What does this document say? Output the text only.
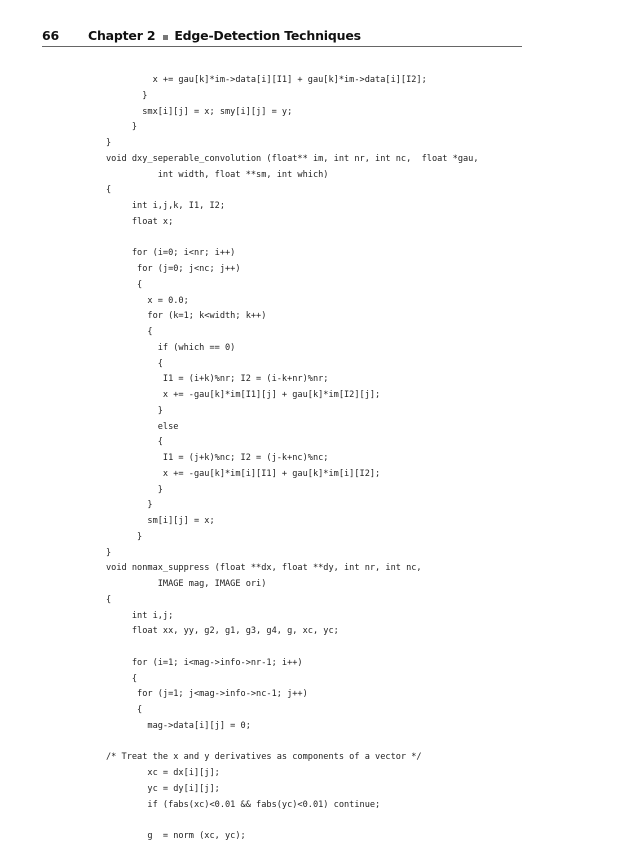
66	Chapter 2 Edge-Detection Techniques
x += gau[k]*im->data[i][I1] + gau[k]*im->data[i][I2];
}
smx[i][j] = x; smy[i][j] = y;
}
}
void dxy_seperable_convolution (float** im, int nr, int nc,  float *gau,
int width, float **sm, int which)
{
int i,j,k, I1, I2;
float x;
for (i=0; i<nr; i++)
for (j=0; j<nc; j++)
{
x = 0.0;
for (k=1; k<width; k++)
{
if (which == 0)
{
I1 = (i+k)%nr; I2 = (i-k+nr)%nr;
x += -gau[k]*im[I1][j] + gau[k]*im[I2][j];
}
else
{
I1 = (j+k)%nc; I2 = (j-k+nc)%nc;
x += -gau[k]*im[i][I1] + gau[k]*im[i][I2];
}
}
sm[i][j] = x;
}
}
void nonmax_suppress (float **dx, float **dy, int nr, int nc,
IMAGE mag, IMAGE ori)
{
int i,j;
float xx, yy, g2, g1, g3, g4, g, xc, yc;
for (i=1; i<mag->info->nr-1; i++)
{
for (j=1; j<mag->info->nc-1; j++)
{
mag->data[i][j] = 0;
/* Treat the x and y derivatives as components of a vector */
xc = dx[i][j];
yc = dy[i][j];
if (fabs(xc)<0.01 && fabs(yc)<0.01) continue;
g  = norm (xc, yc);
